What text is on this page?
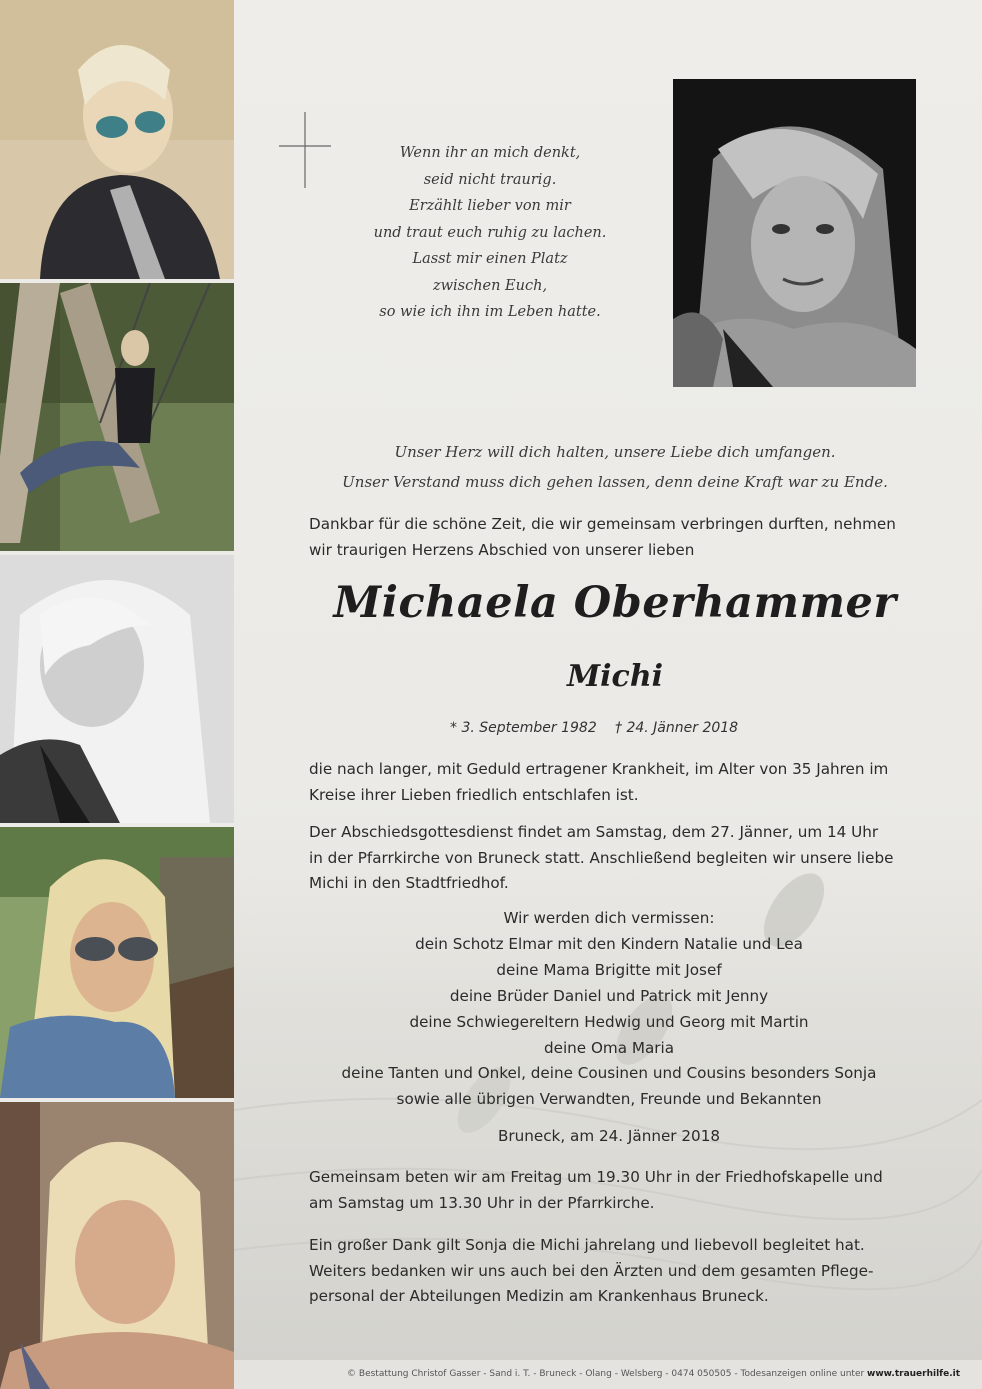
Wenn ihr an mich denkt,
seid nicht traurig.
Erzählt lieber von mir
und traut euch ruhig zu lachen.
Lasst mir einen Platz
zwischen Euch,
so wie ich ihn im Leben hatte.
Unser Herz will dich halten, unsere Liebe dich umfangen.
Unser Verstand muss dich gehen lassen, denn deine Kraft war zu Ende.
Dankbar für die schöne Zeit, die wir gemeinsam verbringen durften, nehmen
wir traurigen Herzens Abschied von unserer lieben
Michaela Oberhammer
Michi
* 3. September 1982 † 24. Jänner 2018
die nach langer, mit Geduld ertragener Krankheit, im Alter von 35 Jahren im
Kreise ihrer Lieben friedlich entschlafen ist.
Der Abschiedsgottesdienst findet am Samstag, dem 27. Jänner, um 14 Uhr
in der Pfarrkirche von Bruneck statt. Anschließend begleiten wir unsere liebe
Michi in den Stadtfriedhof.
Wir werden dich vermissen:
dein Schotz Elmar mit den Kindern Natalie und Lea
deine Mama Brigitte mit Josef
deine Brüder Daniel und Patrick mit Jenny
deine Schwiegereltern Hedwig und Georg mit Martin
deine Oma Maria
deine Tanten und Onkel, deine Cousinen und Cousins besonders Sonja
sowie alle übrigen Verwandten, Freunde und Bekannten
Bruneck, am 24. Jänner 2018
Gemeinsam beten wir am Freitag um 19.30 Uhr in der Friedhofskapelle und
am Samstag um 13.30 Uhr in der Pfarrkirche.
Ein großer Dank gilt Sonja die Michi jahrelang und liebevoll begleitet hat.
Weiters bedanken wir uns auch bei den Ärzten und dem gesamten Pflege-
personal der Abteilungen Medizin am Krankenhaus Bruneck.
© Bestattung Christof Gasser - Sand i. T. - Bruneck - Olang - Welsberg - 0474 050505 - Todesanzeigen online unter www.trauerhilfe.it
